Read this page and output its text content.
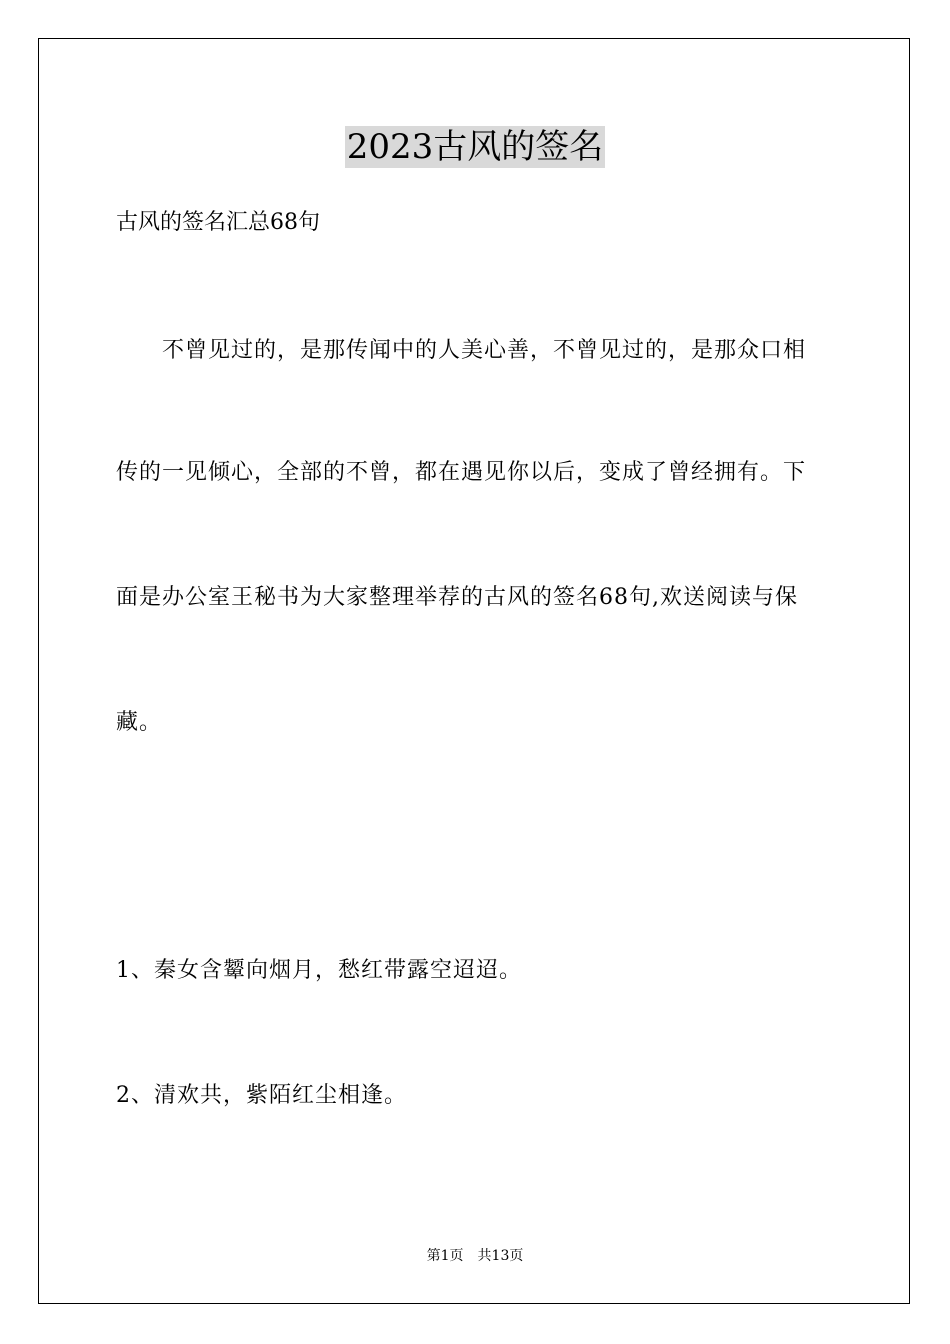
2023古风的签名
古风的签名汇总68句
不曾见过的，是那传闻中的人美心善，不曾见过的，是那众口相
传的一见倾心，全部的不曾，都在遇见你以后，变成了曾经拥有。下
面是办公室王秘书为大家整理举荐的古风的签名68句,欢送阅读与保
藏。
1、秦女含颦向烟月，愁红带露空迢迢。
2、清欢共，紫陌红尘相逢。
第1页　共13页
